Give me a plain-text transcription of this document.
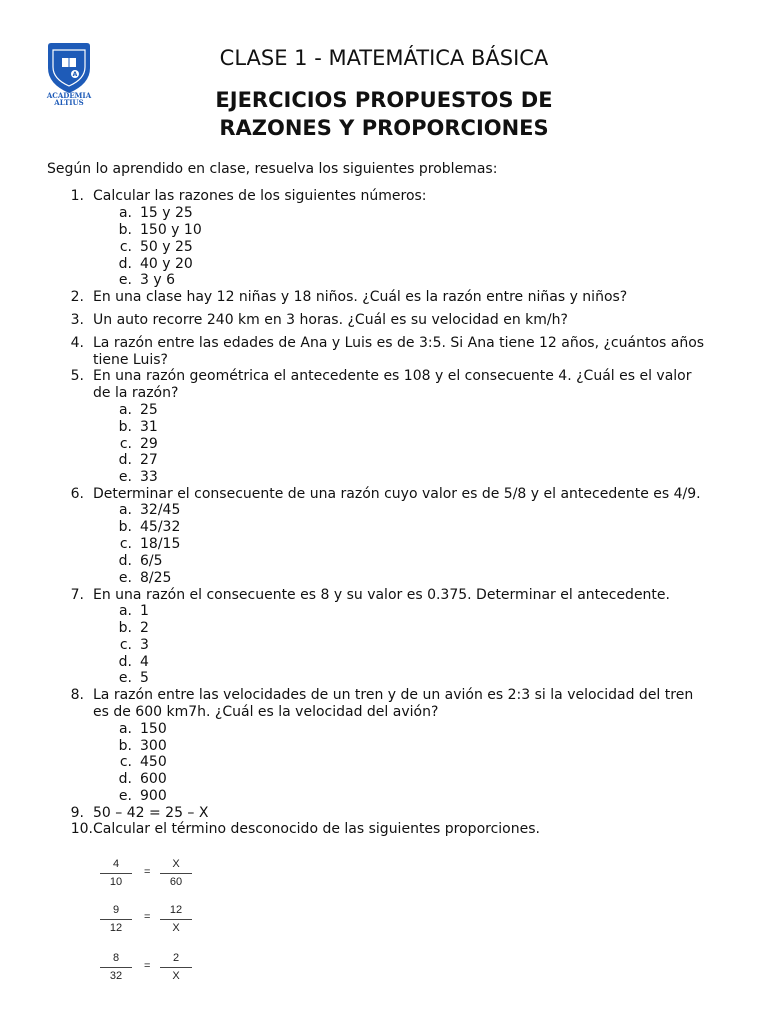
A
ACADEMIA
ALTIUS
CLASE 1 - MATEMÁTICA BÁSICA
EJERCICIOS PROPUESTOS DE
RAZONES Y PROPORCIONES
Según lo aprendido en clase, resuelva los siguientes problemas:
1. Calcular las razones de los siguientes números:
a. 15 y 25
b. 150 y 10
c. 50 y 25
d. 40 y 20
e. 3 y 6
2. En una clase hay 12 niñas y 18 niños. ¿Cuál es la razón entre niñas y niños?
3. Un auto recorre 240 km en 3 horas. ¿Cuál es su velocidad en km/h?
4. La razón entre las edades de Ana y Luis es de 3:5. Si Ana tiene 12 años, ¿cuántos años
tiene Luis?
5. En una razón geométrica el antecedente es 108 y el consecuente 4. ¿Cuál es el valor
de la razón?
a. 25
b. 31
c. 29
d. 27
e. 33
6. Determinar el consecuente de una razón cuyo valor es de 5/8 y el antecedente es 4/9.
a. 32/45
b. 45/32
c. 18/15
d. 6/5
e. 8/25
7. En una razón el consecuente es 8 y su valor es 0.375. Determinar el antecedente.
a. 1
b. 2
c. 3
d. 4
e. 5
8. La razón entre las velocidades de un tren y de un avión es 2:3 si la velocidad del tren
es de 600 km7h. ¿Cuál es la velocidad del avión?
a. 150
b. 300
c. 450
d. 600
e. 900
9. 50 – 42 = 25 – X
10. Calcular el término desconocido de las siguientes proporciones.
4
10
=
X
60
9
12
=
12
X
8
32
=
2
X
